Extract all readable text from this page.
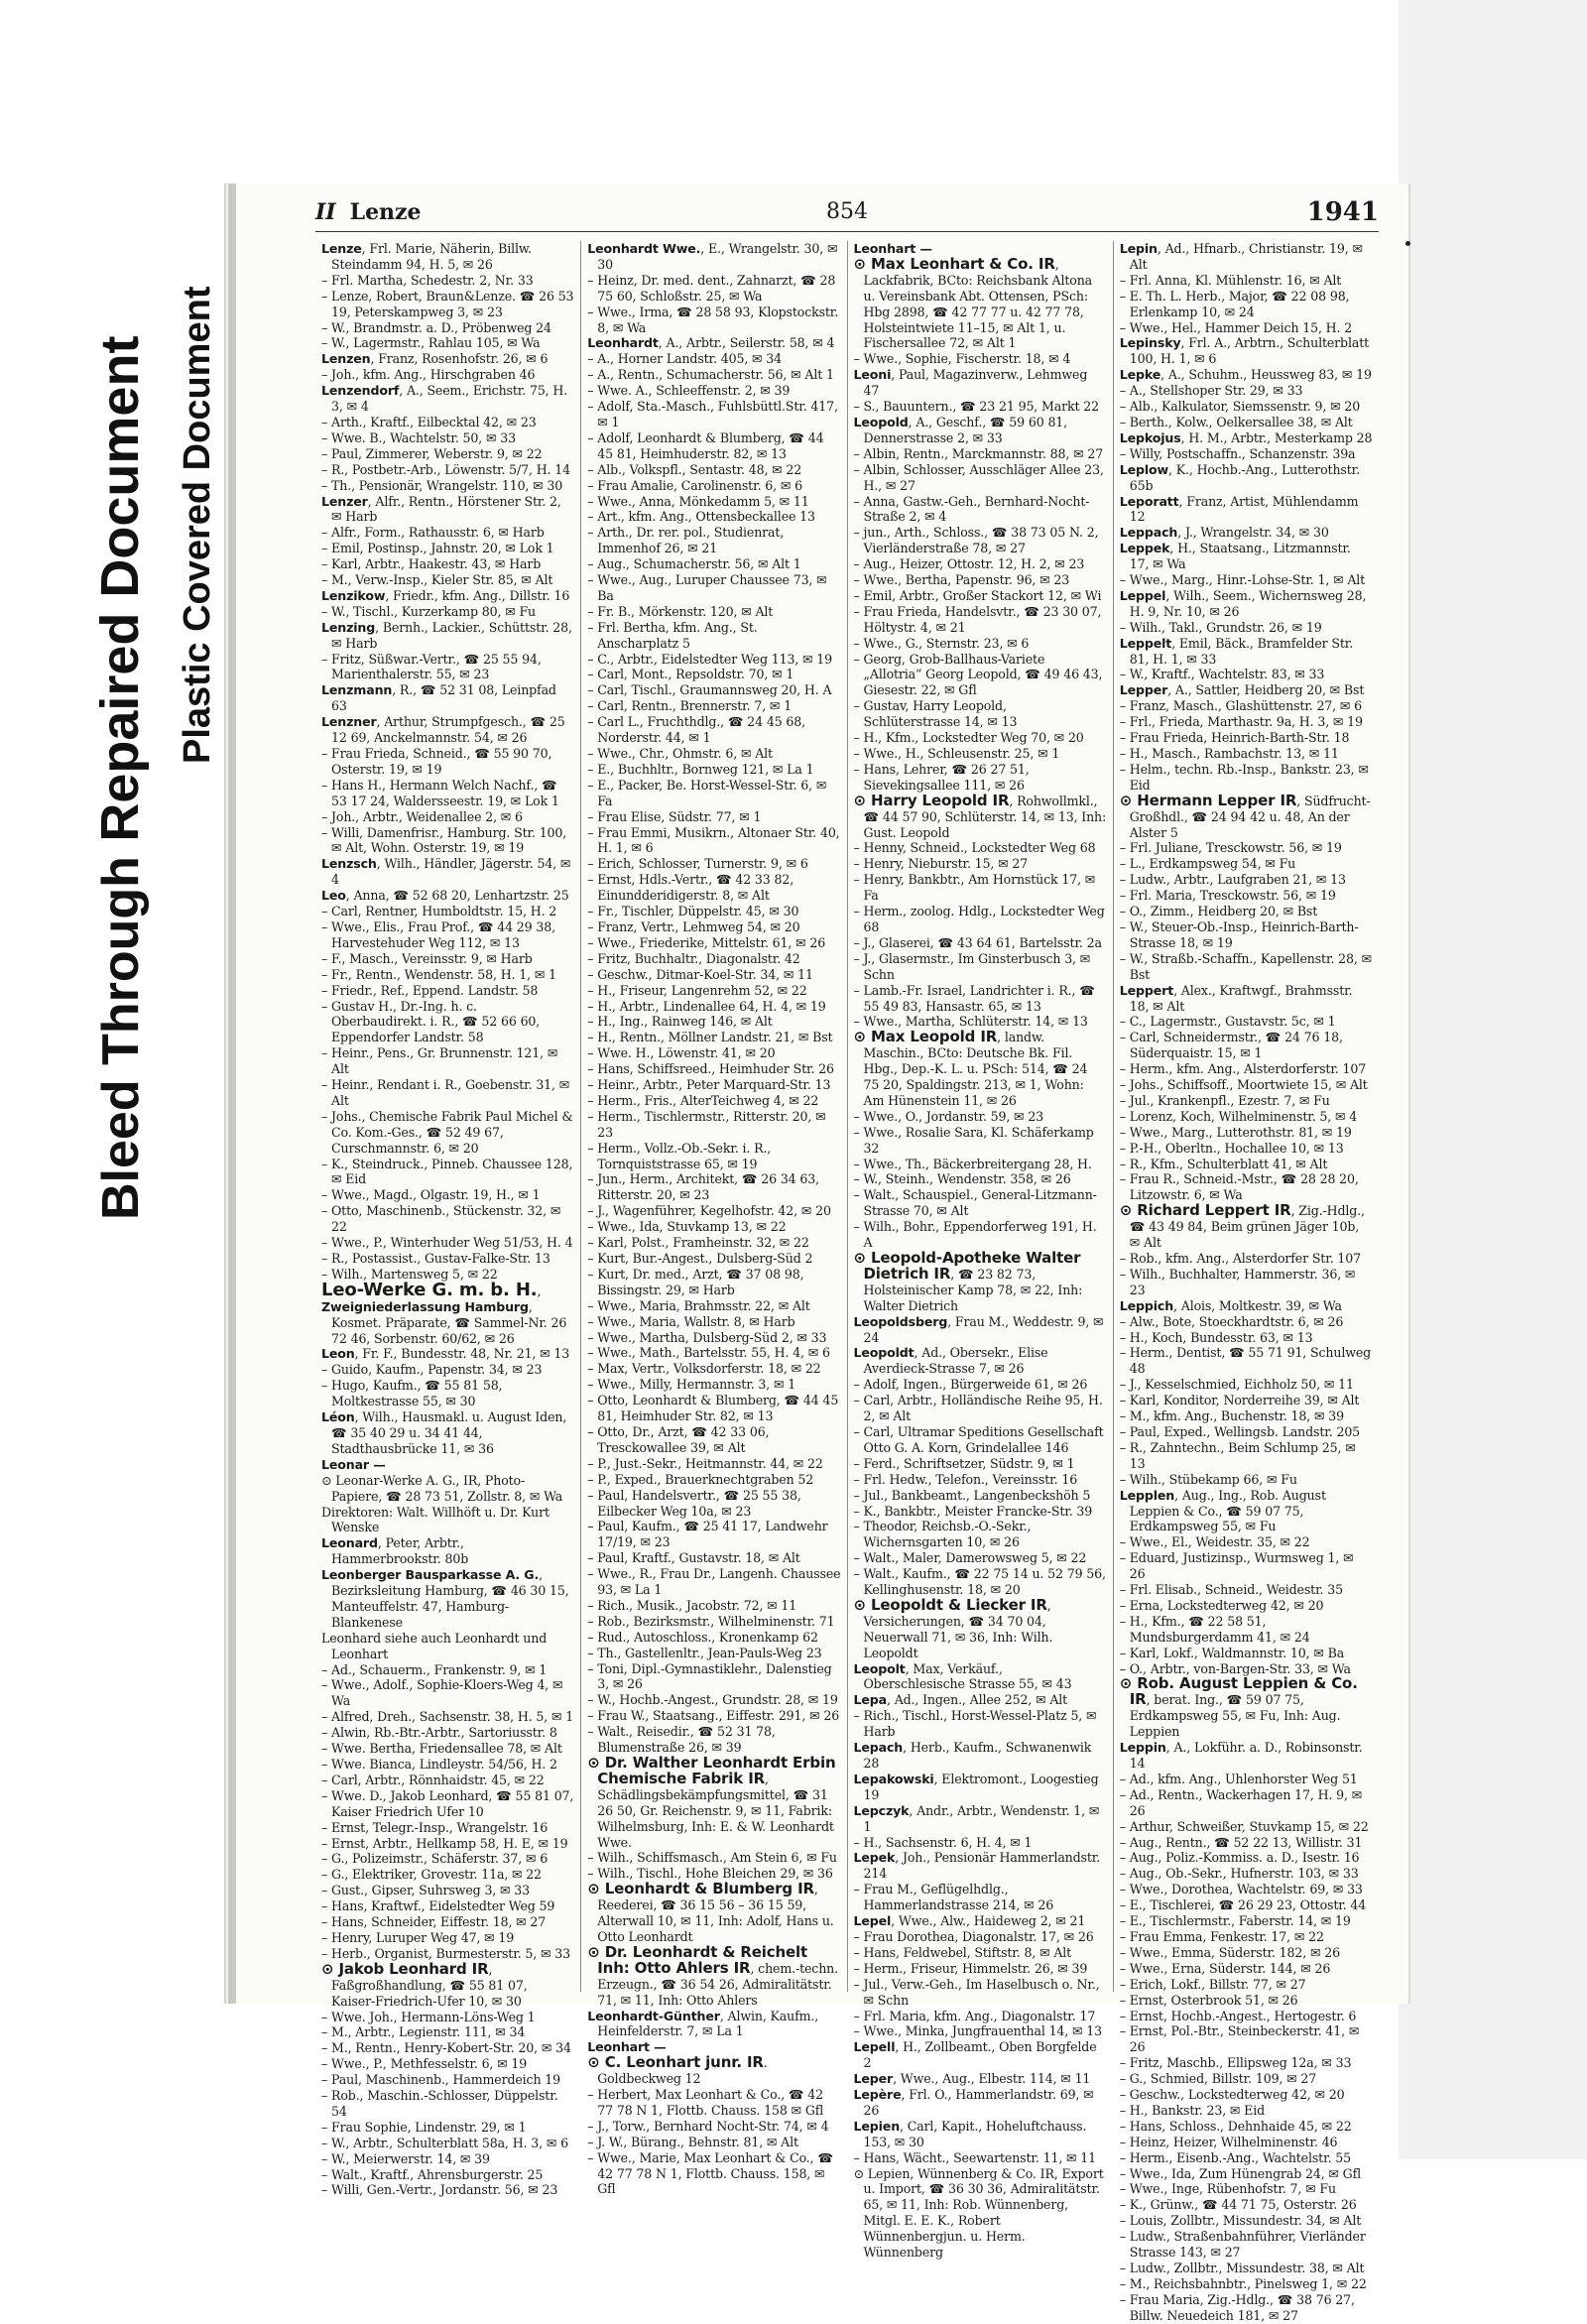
Bleed Through Repaired Document Plastic Covered Document
II Lenze	854	1941
Lenze, Frl. Marie, Näherin, Billw. Steindamm 94, H. 5, ✉ 26
– Frl. Martha, Schedestr. 2, Nr. 33
– Lenze, Robert, Braun&Lenze. ☎ 26 53 19, Peterskampweg 3, ✉ 23
– W., Brandmstr. a. D., Pröbenweg 24
– W., Lagermstr., Rahlau 105, ✉ Wa
Lenzen, Franz, Rosenhofstr. 26, ✉ 6
– Joh., kfm. Ang., Hirschgraben 46
Lenzendorf, A., Seem., Erichstr. 75, H. 3, ✉ 4
– Arth., Kraftf., Eilbecktal 42, ✉ 23
– Wwe. B., Wachtelstr. 50, ✉ 33
– Paul, Zimmerer, Weberstr. 9, ✉ 22
– R., Postbetr.-Arb., Löwenstr. 5/7, H. 14
– Th., Pensionär, Wrangelstr. 110, ✉ 30
Lenzer, Alfr., Rentn., Hörstener Str. 2, ✉ Harb
– Alfr., Form., Rathausstr. 6, ✉ Harb
– Emil, Postinsp., Jahnstr. 20, ✉ Lok 1
– Karl, Arbtr., Haakestr. 43, ✉ Harb
– M., Verw.-Insp., Kieler Str. 85, ✉ Alt
Lenzikow, Friedr., kfm. Ang., Dillstr. 16
– W., Tischl., Kurzerkamp 80, ✉ Fu
Lenzing, Bernh., Lackier., Schüttstr. 28, ✉ Harb
– Fritz, Süßwar.-Vertr., ☎ 25 55 94, Marienthalerstr. 55, ✉ 23
Lenzmann, R., ☎ 52 31 08, Leinpfad 63
Lenzner, Arthur, Strumpfgesch., ☎ 25 12 69, Anckelmannstr. 54, ✉ 26
– Frau Frieda, Schneid., ☎ 55 90 70, Osterstr. 19, ✉ 19
– Hans H., Hermann Welch Nachf., ☎ 53 17 24, Waldersseestr. 19, ✉ Lok 1
– Joh., Arbtr., Weidenallee 2, ✉ 6
– Willi, Damenfrisr., Hamburg. Str. 100, ✉ Alt, Wohn. Osterstr. 19, ✉ 19
Lenzsch, Wilh., Händler, Jägerstr. 54, ✉ 4
Leo, Anna, ☎ 52 68 20, Lenhartzstr. 25
– Carl, Rentner, Humboldtstr. 15, H. 2
– Wwe., Elis., Frau Prof., ☎ 44 29 38, Harvestehuder Weg 112, ✉ 13
– F., Masch., Vereinsstr. 9, ✉ Harb
– Fr., Rentn., Wendenstr. 58, H. 1, ✉ 1
– Friedr., Ref., Eppend. Landstr. 58
– Gustav H., Dr.-Ing. h. c. Oberbaudirekt. i. R., ☎ 52 66 60, Eppendorfer Landstr. 58
– Heinr., Pens., Gr. Brunnenstr. 121, ✉ Alt
– Heinr., Rendant i. R., Goebenstr. 31, ✉ Alt
– Johs., Chemische Fabrik Paul Michel & Co. Kom.-Ges., ☎ 52 49 67, Curschmannstr. 6, ✉ 20
– K., Steindruck., Pinneb. Chaussee 128, ✉ Eid
– Wwe., Magd., Olgastr. 19, H., ✉ 1
– Otto, Maschinenb., Stückenstr. 32, ✉ 22
– Wwe., P., Winterhuder Weg 51/53, H. 4
– R., Postassist., Gustav-Falke-Str. 13
– Wilh., Martensweg 5, ✉ 22
Leo-Werke G. m. b. H.,
Zweigniederlassung Hamburg, Kosmet. Präparate, ☎ Sammel-Nr. 26 72 46, Sorbenstr. 60/62, ✉ 26
Leon, Fr. F., Bundesstr. 48, Nr. 21, ✉ 13
– Guido, Kaufm., Papenstr. 34, ✉ 23
– Hugo, Kaufm., ☎ 55 81 58, Moltkestrasse 55, ✉ 30
Léon, Wilh., Hausmakl. u. August Iden, ☎ 35 40 29 u. 34 41 44, Stadthausbrücke 11, ✉ 36
Leonar —
⊙ Leonar-Werke A. G., IR, Photo-Papiere, ☎ 28 73 51, Zollstr. 8, ✉ Wa
Direktoren: Walt. Willhöft u. Dr. Kurt Wenske
Leonard, Peter, Arbtr., Hammerbrookstr. 80b
Leonberger Bausparkasse A. G., Bezirksleitung Hamburg, ☎ 46 30 15, Manteuffelstr. 47, Hamburg-Blankenese
Leonhard siehe auch Leonhardt und Leonhart
– Ad., Schauerm., Frankenstr. 9, ✉ 1
– Wwe., Adolf., Sophie-Kloers-Weg 4, ✉ Wa
– Alfred, Dreh., Sachsenstr. 38, H. 5, ✉ 1
– Alwin, Rb.-Btr.-Arbtr., Sartoriusstr. 8
– Wwe. Bertha, Friedensallee 78, ✉ Alt
– Wwe. Bianca, Lindleystr. 54/56, H. 2
– Carl, Arbtr., Rönnhaidstr. 45, ✉ 22
– Wwe. D., Jakob Leonhard, ☎ 55 81 07, Kaiser Friedrich Ufer 10
– Ernst, Telegr.-Insp., Wrangelstr. 16
– Ernst, Arbtr., Hellkamp 58, H. E, ✉ 19
– G., Polizeimstr., Schäferstr. 37, ✉ 6
– G., Elektriker, Grovestr. 11a, ✉ 22
– Gust., Gipser, Suhrsweg 3, ✉ 33
– Hans, Kraftwf., Eidelstedter Weg 59
– Hans, Schneider, Eiffestr. 18, ✉ 27
– Henry, Luruper Weg 47, ✉ 19
– Herb., Organist, Burmesterstr. 5, ✉ 33
⊙ Jakob Leonhard IR, Faßgroßhandlung, ☎ 55 81 07, Kaiser-Friedrich-Ufer 10, ✉ 30
– Wwe. Joh., Hermann-Löns-Weg 1
– M., Arbtr., Legienstr. 111, ✉ 34
– M., Rentn., Henry-Kobert-Str. 20, ✉ 34
– Wwe., P., Methfesselstr. 6, ✉ 19
– Paul, Maschinenb., Hammerdeich 19
– Rob., Maschin.-Schlosser, Düppelstr. 54
– Frau Sophie, Lindenstr. 29, ✉ 1
– W., Arbtr., Schulterblatt 58a, H. 3, ✉ 6
– W., Meierwerstr. 14, ✉ 39
– Walt., Kraftf., Ahrensburgerstr. 25
– Willi, Gen.-Vertr., Jordanstr. 56, ✉ 23
Leonhardt Wwe., E., Wrangelstr. 30, ✉ 30
– Heinz, Dr. med. dent., Zahnarzt, ☎ 28 75 60, Schloßstr. 25, ✉ Wa
– Wwe., Irma, ☎ 28 58 93, Klopstockstr. 8, ✉ Wa
Leonhardt, A., Arbtr., Seilerstr. 58, ✉ 4
– A., Horner Landstr. 405, ✉ 34
– A., Rentn., Schumacherstr. 56, ✉ Alt 1
– Wwe. A., Schleeffenstr. 2, ✉ 39
– Adolf, Sta.-Masch., Fuhlsbüttl.Str. 417, ✉ 1
– Adolf, Leonhardt & Blumberg, ☎ 44 45 81, Heimhuderstr. 82, ✉ 13
– Alb., Volkspfl., Sentastr. 48, ✉ 22
– Frau Amalie, Carolinenstr. 6, ✉ 6
– Wwe., Anna, Mönkedamm 5, ✉ 11
– Art., kfm. Ang., Ottensbeckallee 13
– Arth., Dr. rer. pol., Studienrat, Immenhof 26, ✉ 21
– Aug., Schumacherstr. 56, ✉ Alt 1
– Wwe., Aug., Luruper Chaussee 73, ✉ Ba
– Fr. B., Mörkenstr. 120, ✉ Alt
– Frl. Bertha, kfm. Ang., St. Anscharplatz 5
– C., Arbtr., Eidelstedter Weg 113, ✉ 19
– Carl, Mont., Repsoldstr. 70, ✉ 1
– Carl, Tischl., Graumannsweg 20, H. A
– Carl, Rentn., Brennerstr. 7, ✉ 1
– Carl L., Fruchthdlg., ☎ 24 45 68, Norderstr. 44, ✉ 1
– Wwe., Chr., Ohmstr. 6, ✉ Alt
– E., Buchhltr., Bornweg 121, ✉ La 1
– E., Packer, Be. Horst-Wessel-Str. 6, ✉ Fa
– Frau Elise, Südstr. 77, ✉ 1
– Frau Emmi, Musikrn., Altonaer Str. 40, H. 1, ✉ 6
– Erich, Schlosser, Turnerstr. 9, ✉ 6
– Ernst, Hdls.-Vertr., ☎ 42 33 82, Einundderidigerstr. 8, ✉ Alt
– Fr., Tischler, Düppelstr. 45, ✉ 30
– Franz, Vertr., Lehmweg 54, ✉ 20
– Wwe., Friederike, Mittelstr. 61, ✉ 26
– Fritz, Buchhaltr., Diagonalstr. 42
– Geschw., Ditmar-Koel-Str. 34, ✉ 11
– H., Friseur, Langenrehm 52, ✉ 22
– H., Arbtr., Lindenallee 64, H. 4, ✉ 19
– H., Ing., Rainweg 146, ✉ Alt
– H., Rentn., Möllner Landstr. 21, ✉ Bst
– Wwe. H., Löwenstr. 41, ✉ 20
– Hans, Schiffsreed., Heimhuder Str. 26
– Heinr., Arbtr., Peter Marquard-Str. 13
– Herm., Fris., AlterTeichweg 4, ✉ 22
– Herm., Tischlermstr., Ritterstr. 20, ✉ 23
– Herm., Vollz.-Ob.-Sekr. i. R., Tornquiststrasse 65, ✉ 19
– Jun., Herm., Architekt, ☎ 26 34 63, Ritterstr. 20, ✉ 23
– J., Wagenführer, Kegelhofstr. 42, ✉ 20
– Wwe., Ida, Stuvkamp 13, ✉ 22
– Karl, Polst., Framheinstr. 32, ✉ 22
– Kurt, Bur.-Angest., Dulsberg-Süd 2
– Kurt, Dr. med., Arzt, ☎ 37 08 98, Bissingstr. 29, ✉ Harb
– Wwe., Maria, Brahmsstr. 22, ✉ Alt
– Wwe., Maria, Wallstr. 8, ✉ Harb
– Wwe., Martha, Dulsberg-Süd 2, ✉ 33
– Wwe., Math., Bartelsstr. 55, H. 4, ✉ 6
– Max, Vertr., Volksdorferstr. 18, ✉ 22
– Wwe., Milly, Hermannstr. 3, ✉ 1
– Otto, Leonhardt & Blumberg, ☎ 44 45 81, Heimhuder Str. 82, ✉ 13
– Otto, Dr., Arzt, ☎ 42 33 06, Tresckowallee 39, ✉ Alt
– P., Just.-Sekr., Heitmannstr. 44, ✉ 22
– P., Exped., Brauerknechtgraben 52
– Paul, Handelsvertr., ☎ 25 55 38, Eilbecker Weg 10a, ✉ 23
– Paul, Kaufm., ☎ 25 41 17, Landwehr 17/19, ✉ 23
– Paul, Kraftf., Gustavstr. 18, ✉ Alt
– Wwe., R., Frau Dr., Langenh. Chaussee 93, ✉ La 1
– Rich., Musik., Jacobstr. 72, ✉ 11
– Rob., Bezirksmstr., Wilhelminenstr. 71
– Rud., Autoschloss., Kronenkamp 62
– Th., Gastellenltr., Jean-Pauls-Weg 23
– Toni, Dipl.-Gymnastiklehr., Dalenstieg 3, ✉ 26
– W., Hochb.-Angest., Grundstr. 28, ✉ 19
– Frau W., Staatsang., Eiffestr. 291, ✉ 26
– Walt., Reisedir., ☎ 52 31 78, Blumenstraße 26, ✉ 39
⊙ Dr. Walther Leonhardt Erbin Chemische Fabrik IR, Schädlingsbekämpfungsmittel, ☎ 31 26 50, Gr. Reichenstr. 9, ✉ 11, Fabrik: Wilhelmsburg, Inh: E. & W. Leonhardt Wwe.
– Wilh., Schiffsmasch., Am Stein 6, ✉ Fu
– Wilh., Tischl., Hohe Bleichen 29, ✉ 36
⊙ Leonhardt & Blumberg IR, Reederei, ☎ 36 15 56 – 36 15 59, Alterwall 10, ✉ 11, Inh: Adolf, Hans u. Otto Leonhardt
⊙ Dr. Leonhardt & Reichelt Inh: Otto Ahlers IR, chem.-techn. Erzeugn., ☎ 36 54 26, Admiralitätstr. 71, ✉ 11, Inh: Otto Ahlers
Leonhardt-Günther, Alwin, Kaufm., Heinfelderstr. 7, ✉ La 1
Leonhart —
⊙ C. Leonhart junr. IR. Goldbeckweg 12
– Herbert, Max Leonhart & Co., ☎ 42 77 78 N 1, Flottb. Chauss. 158 ✉ Gfl
– J., Torw., Bernhard Nocht-Str. 74, ✉ 4
– J. W., Bürang., Behnstr. 81, ✉ Alt
– Wwe., Marie, Max Leonhart & Co., ☎ 42 77 78 N 1, Flottb. Chauss. 158, ✉ Gfl
Leonhart —
⊙ Max Leonhart & Co. IR, Lackfabrik, BCto: Reichsbank Altona u. Vereinsbank Abt. Ottensen, PSch: Hbg 2898, ☎ 42 77 77 u. 42 77 78, Holsteintwiete 11–15, ✉ Alt 1, u. Fischersallee 72, ✉ Alt 1
– Wwe., Sophie, Fischerstr. 18, ✉ 4
Leoni, Paul, Magazinverw., Lehmweg 47
– S., Bauuntern., ☎ 23 21 95, Markt 22
Leopold, A., Geschf., ☎ 59 60 81, Dennerstrasse 2, ✉ 33
– Albin, Rentn., Marckmannstr. 88, ✉ 27
– Albin, Schlosser, Ausschläger Allee 23, H., ✉ 27
– Anna, Gastw.-Geh., Bernhard-Nocht-Straße 2, ✉ 4
– jun., Arth., Schloss., ☎ 38 73 05 N. 2, Vierländerstraße 78, ✉ 27
– Aug., Heizer, Ottostr. 12, H. 2, ✉ 23
– Wwe., Bertha, Papenstr. 96, ✉ 23
– Emil, Arbtr., Großer Stackort 12, ✉ Wi
– Frau Frieda, Handelsvtr., ☎ 23 30 07, Höltystr. 4, ✉ 21
– Wwe., G., Sternstr. 23, ✉ 6
– Georg, Grob-Ballhaus-Variete „Allotria“ Georg Leopold, ☎ 49 46 43, Giesestr. 22, ✉ Gfl
– Gustav, Harry Leopold, Schlüterstrasse 14, ✉ 13
– H., Kfm., Lockstedter Weg 70, ✉ 20
– Wwe., H., Schleusenstr. 25, ✉ 1
– Hans, Lehrer, ☎ 26 27 51, Sievekingsallee 111, ✉ 26
⊙ Harry Leopold IR, Rohwollmkl., ☎ 44 57 90, Schlüterstr. 14, ✉ 13, Inh: Gust. Leopold
– Henny, Schneid., Lockstedter Weg 68
– Henry, Nieburstr. 15, ✉ 27
– Henry, Bankbtr., Am Hornstück 17, ✉ Fa
– Herm., zoolog. Hdlg., Lockstedter Weg 68
– J., Glaserei, ☎ 43 64 61, Bartelsstr. 2a
– J., Glasermstr., Im Ginsterbusch 3, ✉ Schn
– Lamb.-Fr. Israel, Landrichter i. R., ☎ 55 49 83, Hansastr. 65, ✉ 13
– Wwe., Martha, Schlüterstr. 14, ✉ 13
⊙ Max Leopold IR, landw. Maschin., BCto: Deutsche Bk. Fil. Hbg., Dep.-K. L. u. PSch: 514, ☎ 24 75 20, Spaldingstr. 213, ✉ 1, Wohn: Am Hünenstein 11, ✉ 26
– Wwe., O., Jordanstr. 59, ✉ 23
– Wwe., Rosalie Sara, Kl. Schäferkamp 32
– Wwe., Th., Bäckerbreitergang 28, H.
– W., Steinh., Wendenstr. 358, ✉ 26
– Walt., Schauspiel., General-Litzmann-Strasse 70, ✉ Alt
– Wilh., Bohr., Eppendorferweg 191, H. A
⊙ Leopold-Apotheke Walter Dietrich IR, ☎ 23 82 73, Holsteinischer Kamp 78, ✉ 22, Inh: Walter Dietrich
Leopoldsberg, Frau M., Weddestr. 9, ✉ 24
Leopoldt, Ad., Obersekr., Elise Averdieck-Strasse 7, ✉ 26
– Adolf, Ingen., Bürgerweide 61, ✉ 26
– Carl, Arbtr., Holländische Reihe 95, H. 2, ✉ Alt
– Carl, Ultramar Speditions Gesellschaft Otto G. A. Korn, Grindelallee 146
– Ferd., Schriftsetzer, Südstr. 9, ✉ 1
– Frl. Hedw., Telefon., Vereinsstr. 16
– Jul., Bankbeamt., Langenbeckshöh 5
– K., Bankbtr., Meister Francke-Str. 39
– Theodor, Reichsb.-O.-Sekr., Wichernsgarten 10, ✉ 26
– Walt., Maler, Damerowsweg 5, ✉ 22
– Walt., Kaufm., ☎ 22 75 14 u. 52 79 56, Kellinghusenstr. 18, ✉ 20
⊙ Leopoldt & Liecker IR, Versicherungen, ☎ 34 70 04, Neuerwall 71, ✉ 36, Inh: Wilh. Leopoldt
Leopolt, Max, Verkäuf., Oberschlesische Strasse 55, ✉ 43
Lepa, Ad., Ingen., Allee 252, ✉ Alt
– Rich., Tischl., Horst-Wessel-Platz 5, ✉ Harb
Lepach, Herb., Kaufm., Schwanenwik 28
Lepakowski, Elektromont., Loogestieg 19
Lepczyk, Andr., Arbtr., Wendenstr. 1, ✉ 1
– H., Sachsenstr. 6, H. 4, ✉ 1
Lepek, Joh., Pensionär Hammerlandstr. 214
– Frau M., Geflügelhdlg., Hammerlandstrasse 214, ✉ 26
Lepel, Wwe., Alw., Haideweg 2, ✉ 21
– Frau Dorothea, Diagonalstr. 17, ✉ 26
– Hans, Feldwebel, Stiftstr. 8, ✉ Alt
– Herm., Friseur, Himmelstr. 26, ✉ 39
– Jul., Verw.-Geh., Im Haselbusch o. Nr., ✉ Schn
– Frl. Maria, kfm. Ang., Diagonalstr. 17
– Wwe., Minka, Jungfrauenthal 14, ✉ 13
Lepell, H., Zollbeamt., Oben Borgfelde 2
Leper, Wwe., Aug., Elbestr. 114, ✉ 11
Lepère, Frl. O., Hammerlandstr. 69, ✉ 26
Lepien, Carl, Kapit., Hoheluftchauss. 153, ✉ 30
– Hans, Wächt., Seewartenstr. 11, ✉ 11
⊙ Lepien, Wünnenberg & Co. IR, Export u. Import, ☎ 36 30 36, Admiralitätstr. 65, ✉ 11, Inh: Rob. Wünnenberg, Mitgl. E. E. K., Robert Wünnenbergjun. u. Herm. Wünnenberg
Lepin, Ad., Hfnarb., Christianstr. 19, ✉ Alt
– Frl. Anna, Kl. Mühlenstr. 16, ✉ Alt
– E. Th. L. Herb., Major, ☎ 22 08 98, Erlenkamp 10, ✉ 24
– Wwe., Hel., Hammer Deich 15, H. 2
Lepinsky, Frl. A., Arbtrn., Schulterblatt 100, H. 1, ✉ 6
Lepke, A., Schuhm., Heussweg 83, ✉ 19
– A., Stellshoper Str. 29, ✉ 33
– Alb., Kalkulator, Siemssenstr. 9, ✉ 20
– Berth., Kolw., Oelkersallee 38, ✉ Alt
Lepkojus, H. M., Arbtr., Mesterkamp 28
– Willy, Postschaffn., Schanzenstr. 39a
Leplow, K., Hochb.-Ang., Lutterothstr. 65b
Leporatt, Franz, Artist, Mühlendamm 12
Leppach, J., Wrangelstr. 34, ✉ 30
Leppek, H., Staatsang., Litzmannstr. 17, ✉ Wa
– Wwe., Marg., Hinr.-Lohse-Str. 1, ✉ Alt
Leppel, Wilh., Seem., Wichernsweg 28, H. 9, Nr. 10, ✉ 26
– Wilh., Takl., Grundstr. 26, ✉ 19
Leppelt, Emil, Bäck., Bramfelder Str. 81, H. 1, ✉ 33
– W., Kraftf., Wachtelstr. 83, ✉ 33
Lepper, A., Sattler, Heidberg 20, ✉ Bst
– Franz, Masch., Glashüttenstr. 27, ✉ 6
– Frl., Frieda, Marthastr. 9a, H. 3, ✉ 19
– Frau Frieda, Heinrich-Barth-Str. 18
– H., Masch., Rambachstr. 13, ✉ 11
– Helm., techn. Rb.-Insp., Bankstr. 23, ✉ Eid
⊙ Hermann Lepper IR, Südfrucht-Großhdl., ☎ 24 94 42 u. 48, An der Alster 5
– Frl. Juliane, Tresckowstr. 56, ✉ 19
– L., Erdkampsweg 54, ✉ Fu
– Ludw., Arbtr., Laufgraben 21, ✉ 13
– Frl. Maria, Tresckowstr. 56, ✉ 19
– O., Zimm., Heidberg 20, ✉ Bst
– W., Steuer-Ob.-Insp., Heinrich-Barth-Strasse 18, ✉ 19
– W., Straßb.-Schaffn., Kapellenstr. 28, ✉ Bst
Leppert, Alex., Kraftwgf., Brahmsstr. 18, ✉ Alt
– C., Lagermstr., Gustavstr. 5c, ✉ 1
– Carl, Schneidermstr., ☎ 24 76 18, Süderquaistr. 15, ✉ 1
– Herm., kfm. Ang., Alsterdorferstr. 107
– Johs., Schiffsoff., Moortwiete 15, ✉ Alt
– Jul., Krankenpfl., Ezestr. 7, ✉ Fu
– Lorenz, Koch, Wilhelminenstr. 5, ✉ 4
– Wwe., Marg., Lutterothstr. 81, ✉ 19
– P.-H., Oberltn., Hochallee 10, ✉ 13
– R., Kfm., Schulterblatt 41, ✉ Alt
– Frau R., Schneid.-Mstr., ☎ 28 28 20, Litzowstr. 6, ✉ Wa
⊙ Richard Leppert IR, Zig.-Hdlg., ☎ 43 49 84, Beim grünen Jäger 10b, ✉ Alt
– Rob., kfm. Ang., Alsterdorfer Str. 107
– Wilh., Buchhalter, Hammerstr. 36, ✉ 23
Leppich, Alois, Moltkestr. 39, ✉ Wa
– Alw., Bote, Stoeckhardtstr. 6, ✉ 26
– H., Koch, Bundesstr. 63, ✉ 13
– Herm., Dentist, ☎ 55 71 91, Schulweg 48
– J., Kesselschmied, Eichholz 50, ✉ 11
– Karl, Konditor, Norderreihe 39, ✉ Alt
– M., kfm. Ang., Buchenstr. 18, ✉ 39
– Paul, Exped., Wellingsb. Landstr. 205
– R., Zahntechn., Beim Schlump 25, ✉ 13
– Wilh., Stübekamp 66, ✉ Fu
Lepplen, Aug., Ing., Rob. August Leppien & Co., ☎ 59 07 75, Erdkampsweg 55, ✉ Fu
– Wwe., El., Weidestr. 35, ✉ 22
– Eduard, Justizinsp., Wurmsweg 1, ✉ 26
– Frl. Elisab., Schneid., Weidestr. 35
– Erna, Lockstedterweg 42, ✉ 20
– H., Kfm., ☎ 22 58 51, Mundsburgerdamm 41, ✉ 24
– Karl, Lokf., Waldmannstr. 10, ✉ Ba
– O., Arbtr., von-Bargen-Str. 33, ✉ Wa
⊙ Rob. August Leppien & Co. IR, berat. Ing., ☎ 59 07 75, Erdkampsweg 55, ✉ Fu, Inh: Aug. Leppien
Leppin, A., Lokführ. a. D., Robinsonstr. 14
– Ad., kfm. Ang., Uhlenhorster Weg 51
– Ad., Rentn., Wackerhagen 17, H. 9, ✉ 26
– Arthur, Schweißer, Stuvkamp 15, ✉ 22
– Aug., Rentn., ☎ 52 22 13, Willistr. 31
– Aug., Poliz.-Kommiss. a. D., Isestr. 16
– Aug., Ob.-Sekr., Hufnerstr. 103, ✉ 33
– Wwe., Dorothea, Wachtelstr. 69, ✉ 33
– E., Tischlerei, ☎ 26 29 23, Ottostr. 44
– E., Tischlermstr., Faberstr. 14, ✉ 19
– Frau Emma, Fenkestr. 17, ✉ 22
– Wwe., Emma, Süderstr. 182, ✉ 26
– Wwe., Erna, Süderstr. 144, ✉ 26
– Erich, Lokf., Billstr. 77, ✉ 27
– Ernst, Osterbrook 51, ✉ 26
– Ernst, Hochb.-Angest., Hertogestr. 6
– Ernst, Pol.-Btr., Steinbeckerstr. 41, ✉ 26
– Fritz, Maschb., Ellipsweg 12a, ✉ 33
– G., Schmied, Billstr. 109, ✉ 27
– Geschw., Lockstedterweg 42, ✉ 20
– H., Bankstr. 23, ✉ Eid
– Hans, Schloss., Dehnhaide 45, ✉ 22
– Heinz, Heizer, Wilhelminenstr. 46
– Herm., Eisenb.-Ang., Wachtelstr. 55
– Wwe., Ida, Zum Hünengrab 24, ✉ Gfl
– Wwe., Inge, Rübenhofstr. 7, ✉ Fu
– K., Grünw., ☎ 44 71 75, Osterstr. 26
– Louis, Zollbtr., Missundestr. 34, ✉ Alt
– Ludw., Straßenbahnführer, Vierländer Strasse 143, ✉ 27
– Ludw., Zollbtr., Missundestr. 38, ✉ Alt
– M., Reichsbahnbtr., Pinelsweg 1, ✉ 22
– Frau Maria, Zig.-Hdlg., ☎ 38 76 27, Billw. Neuedeich 181, ✉ 27
